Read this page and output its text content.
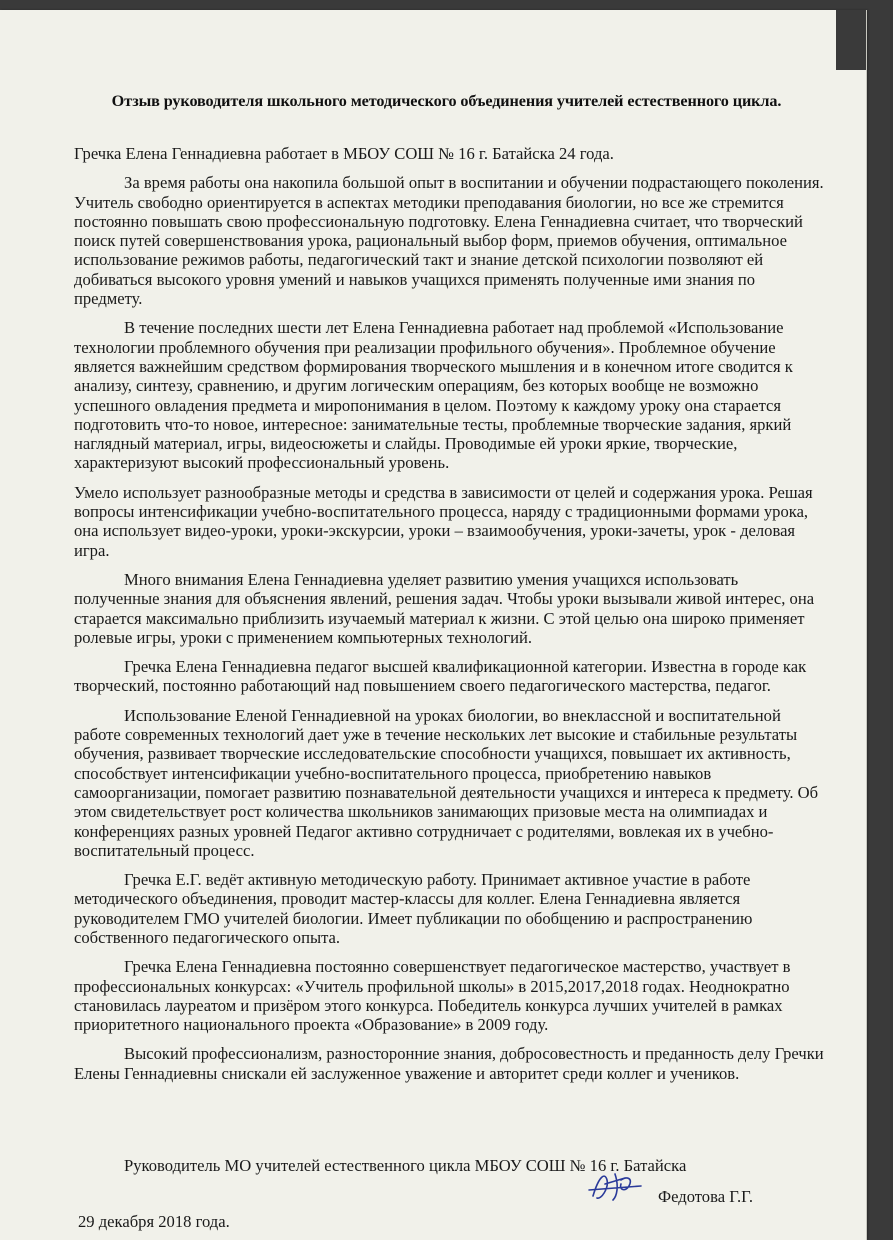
Отзыв руководителя школьного методического объединения учителей естественного цикла.

Гречка Елена Геннадиевна работает в МБОУ СОШ № 16 г. Батайска 24 года.

За время работы она накопила большой опыт в воспитании и обучении подрастающего поколения. Учитель свободно ориентируется в аспектах методики преподавания биологии, но все же стремится постоянно повышать свою профессиональную подготовку. Елена Геннадиевна считает, что творческий поиск путей совершенствования урока, рациональный выбор форм, приемов обучения, оптимальное использование режимов работы, педагогический такт и знание детской психологии позволяют ей добиваться высокого уровня умений и навыков учащихся применять полученные ими знания по предмету.

В течение последних шести лет Елена Геннадиевна работает над проблемой «Использование технологии проблемного обучения при реализации профильного обучения». Проблемное обучение является важнейшим средством формирования творческого мышления и в конечном итоге сводится к анализу, синтезу, сравнению, и другим логическим операциям, без которых вообще не возможно успешного овладения предмета и миропонимания в целом. Поэтому к каждому уроку она старается подготовить что-то новое, интересное: занимательные тесты, проблемные творческие задания, яркий наглядный материал, игры, видеосюжеты и слайды. Проводимые ей уроки яркие, творческие, характеризуют высокий профессиональный уровень.

Умело использует разнообразные методы и средства в зависимости от целей и содержания урока. Решая вопросы интенсификации учебно-воспитательного процесса, наряду с традиционными формами урока, она использует видео-уроки, уроки-экскурсии, уроки – взаимообучения, уроки-зачеты, урок - деловая игра.

Много внимания Елена Геннадиевна уделяет развитию умения учащихся использовать полученные знания для объяснения явлений, решения задач. Чтобы уроки вызывали живой интерес, она старается максимально приблизить изучаемый материал к жизни. С этой целью она широко применяет ролевые игры, уроки с применением компьютерных технологий.

Гречка Елена Геннадиевна педагог высшей квалификационной категории. Известна в городе как творческий, постоянно работающий над повышением своего педагогического мастерства, педагог.

Использование Еленой Геннадиевной на уроках биологии, во внеклассной и воспитательной работе современных технологий дает уже в течение нескольких лет высокие и стабильные результаты обучения, развивает творческие исследовательские способности учащихся, повышает их активность, способствует интенсификации учебно-воспитательного процесса, приобретению навыков самоорганизации, помогает развитию познавательной деятельности учащихся и интереса к предмету. Об этом свидетельствует рост количества школьников занимающих призовые места на олимпиадах и конференциях разных уровней Педагог активно сотрудничает с родителями, вовлекая их в учебно-воспитательный процесс.

Гречка Е.Г. ведёт активную методическую работу. Принимает активное участие в работе методического объединения, проводит мастер-классы для коллег. Елена Геннадиевна является руководителем ГМО учителей биологии. Имеет публикации по обобщению и распространению собственного педагогического опыта.

Гречка Елена Геннадиевна постоянно совершенствует педагогическое мастерство, участвует в профессиональных конкурсах: «Учитель профильной школы» в 2015,2017,2018 годах. Неоднократно становилась лауреатом и призёром этого конкурса. Победитель конкурса лучших учителей в рамках приоритетного национального проекта «Образование» в 2009 году.

Высокий профессионализм, разносторонние знания, добросовестность и преданность делу Гречки Елены Геннадиевны снискали ей заслуженное уважение и авторитет среди коллег и учеников.

Руководитель МО учителей естественного цикла МБОУ СОШ № 16 г. Батайска
Федотова Г.Г.
29 декабря 2018 года.
